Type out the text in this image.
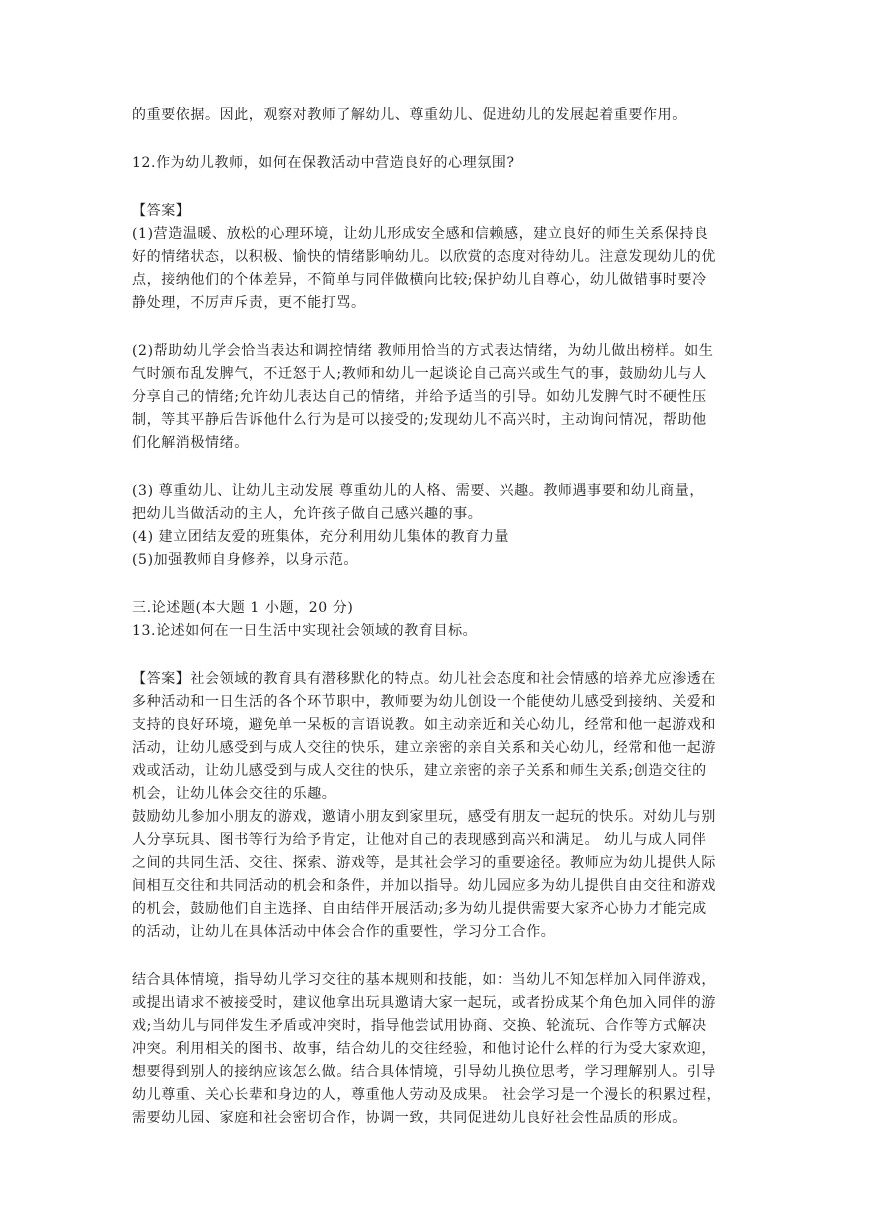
的重要依据。因此，观察对教师了解幼儿、尊重幼儿、促进幼儿的发展起着重要作用。
12.作为幼儿教师，如何在保教活动中营造良好的心理氛围?
【答案】
(1)营造温暖、放松的心理环境，让幼儿形成安全感和信赖感，建立良好的师生关系保持良
好的情绪状态，以积极、愉快的情绪影响幼儿。以欣赏的态度对待幼儿。注意发现幼儿的优
点，接纳他们的个体差异，不简单与同伴做横向比较;保护幼儿自尊心，幼儿做错事时要冷
静处理，不厉声斥责，更不能打骂。
(2)帮助幼儿学会恰当表达和调控情绪 教师用恰当的方式表达情绪，为幼儿做出榜样。如生
气时颁布乱发脾气，不迁怒于人;教师和幼儿一起谈论自己高兴或生气的事，鼓励幼儿与人
分享自己的情绪;允许幼儿表达自己的情绪，并给予适当的引导。如幼儿发脾气时不硬性压
制，等其平静后告诉他什么行为是可以接受的;发现幼儿不高兴时，主动询问情况，帮助他
们化解消极情绪。
(3) 尊重幼儿、让幼儿主动发展 尊重幼儿的人格、需要、兴趣。教师遇事要和幼儿商量，
把幼儿当做活动的主人，允许孩子做自己感兴趣的事。
(4) 建立团结友爱的班集体，充分利用幼儿集体的教育力量
(5)加强教师自身修养，以身示范。
三.论述题(本大题 1 小题，20 分)
13.论述如何在一日生活中实现社会领域的教育目标。
【答案】社会领域的教育具有潜移默化的特点。幼儿社会态度和社会情感的培养尤应渗透在
多种活动和一日生活的各个环节职中，教师要为幼儿创设一个能使幼儿感受到接纳、关爱和
支持的良好环境，避免单一呆板的言语说教。如主动亲近和关心幼儿，经常和他一起游戏和
活动，让幼儿感受到与成人交往的快乐，建立亲密的亲自关系和关心幼儿，经常和他一起游
戏或活动，让幼儿感受到与成人交往的快乐，建立亲密的亲子关系和师生关系;创造交往的
机会，让幼儿体会交往的乐趣。
鼓励幼儿参加小朋友的游戏，邀请小朋友到家里玩，感受有朋友一起玩的快乐。对幼儿与别
人分享玩具、图书等行为给予肯定，让他对自己的表现感到高兴和满足。 幼儿与成人同伴
之间的共同生活、交往、探索、游戏等，是其社会学习的重要途径。教师应为幼儿提供人际
间相互交往和共同活动的机会和条件，并加以指导。幼儿园应多为幼儿提供自由交往和游戏
的机会，鼓励他们自主选择、自由结伴开展活动;多为幼儿提供需要大家齐心协力才能完成
的活动，让幼儿在具体活动中体会合作的重要性，学习分工合作。
结合具体情境，指导幼儿学习交往的基本规则和技能，如：当幼儿不知怎样加入同伴游戏，
或提出请求不被接受时，建议他拿出玩具邀请大家一起玩，或者扮成某个角色加入同伴的游
戏;当幼儿与同伴发生矛盾或冲突时，指导他尝试用协商、交换、轮流玩、合作等方式解决
冲突。利用相关的图书、故事，结合幼儿的交往经验，和他讨论什么样的行为受大家欢迎，
想要得到别人的接纳应该怎么做。结合具体情境，引导幼儿换位思考，学习理解别人。引导
幼儿尊重、关心长辈和身边的人，尊重他人劳动及成果。 社会学习是一个漫长的积累过程，
需要幼儿园、家庭和社会密切合作，协调一致，共同促进幼儿良好社会性品质的形成。
